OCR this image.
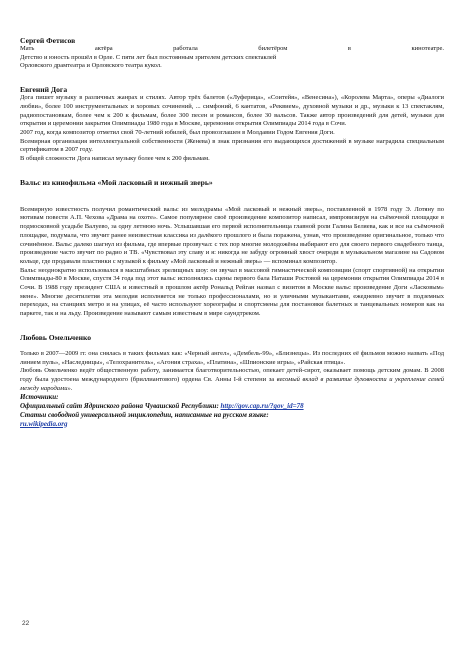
Сергей Фетисов

Мать актёра работала билетёром в кинотеатре.

Детство и юность прошёл в Орле. С пяти лет был постоянным зрителем детских спектаклей

Орловского драмтеатра и Орловского театра кукол.

Евгений Дога

Дога пишет музыку в различных жанрах и стилях. Автор трёх балетов («Луферица», «Соитейя», «Венесина»), «Королева Марта», оперы «Диалоги любви», более 100 инструментальных и хоровых сочинений, ... симфоний, 6 кантатов, «Реквием», духовной музыки и др., музыки к 13 спектаклям, радиопостановкам, более чем к 200 к фильмам, более 300 песен и романсов, более 30 вальсов. Также автор произведений для детей, музыки для открытия и церемонии закрытия Олимпиады 1980 года в Москве, церемонии открытия Олимпиады 2014 года в Сочи.

2007 год, когда композитор отметил свой 70-летний юбилей, был провозглашен в Молдавии Годом Евгения Доги.

Всемирная организация интеллектуальной собственности (Женева) в знак признания его выдающихся достижений в музыке наградила специальным сертификатом в 2007 году.

В общей сложности Дога написал музыку более чем к 200 фильмам.

Вальс из кинофильма «Мой ласковый и нежный зверь»

Всемирную известность получил романтический вальс из мелодрамы «Мой ласковый и нежный зверь», поставленной в 1978 году Э. Лотяну по мотивам повести А.П. Чехова «Драма на охоте». Самое популярное своё произведение композитор написал, импровизируя на съёмочной площадке в подмосковной усадьбе Валуево, за одну летнюю ночь. Услышавшая его первой исполнительница главной роли Галина Беляева, как и все на съёмочной площадке, подумала, что звучит ранее неизвестная классика из далёкого прошлого и была поражена, узнав, что произведение оригинальное, только что сочинённое. Вальс далеко шагнул из фильма, где впервые прозвучал: с тех пор многие молодожёны выбирают его для своего первого свадебного танца, произведение часто звучит по радио и ТВ. «Чувствовал эту славу и я: никогда не забуду огромный хвост очереди в музыкальном магазине на Садовом кольце, где продавали пластинки с музыкой к фильму «Мой ласковый и нежный зверь» — вспоминал композитор.

Вальс неоднократно использовался в масштабных зрелищных шоу: он звучал в массовой гимнастической композиции (спорт спортивной) на открытии Олимпиады-80 в Москве, спустя 34 года под этот вальс исполнялись сцены первого бала Наташи Ростовой на церемонии открытия Олимпиады 2014 в Сочи. В 1988 году президент США и известный в прошлом актёр Рональд Рейган назвал с визитом в Москве вальс произведение Доги «Ласковым» мене». Многие десятилетия эта мелодия исполняется не только профессионалами, но и уличными музыкантами, ежедневно звучит в подземных переходах, на станциях метро и на улицах, её часто используют хореографы и спортсмены для постановки балетных и танцевальных номеров как на паркете, так и на льду. Произведение называют самым известным в мире саундтреком.

Любовь Омельченко

Только в 2007—2009 гг. она снялась в таких фильмах как: «Черный ангел», «Дембель-99», «Близнецы». Из последних её фильмов можно назвать «Под линием пуль», «Наследницы», «Телохранитель», «Агония страха», «Платина», «Шпионские игры», «Райская птица».

Любовь Омельченко ведёт общественную работу, занимается благотворительностью, опекает детей-сирот, оказывает помощь детским домам. В 2008 году была удостоена международного (бриллиантового) ордена Св. Анны I-й степени за весомый вклад в развитие духовности и укрепление семей между народами».

Источники:

Официальный сайт Ядринского района Чувашской Республики: http://gov.cap.ru/?gov_id=78

Статьи свободной универсальной энциклопедии, написанные на русском языке:

ru.wikipedia.org

22
